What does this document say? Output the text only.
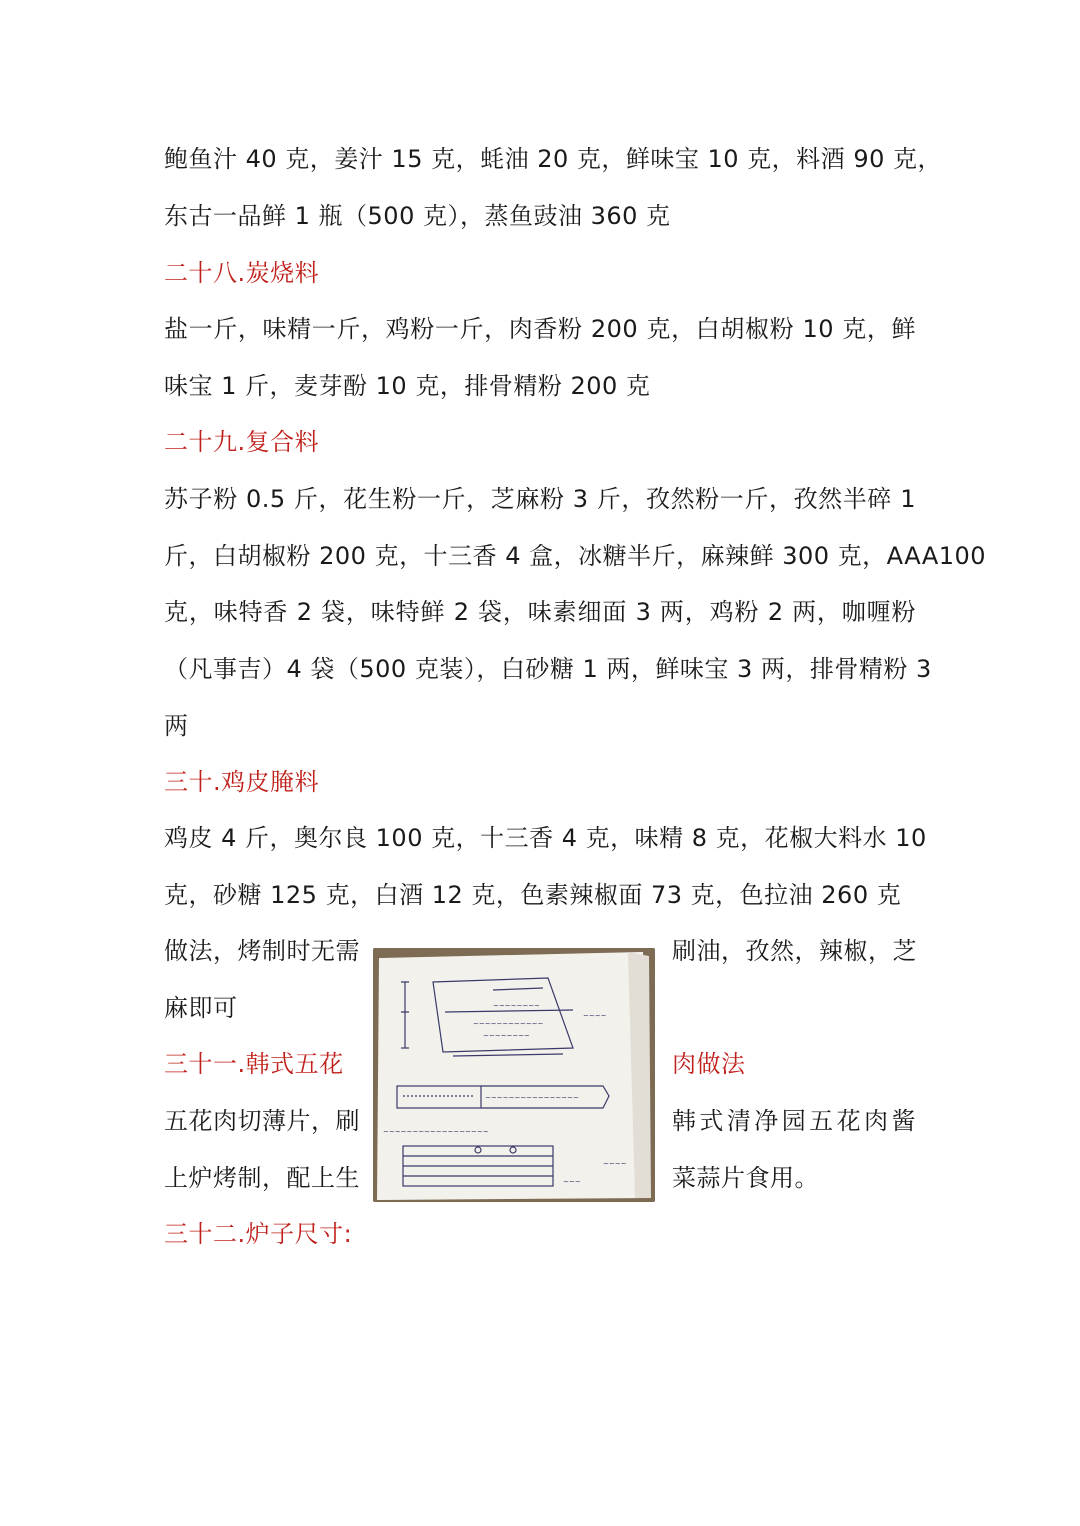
鲍鱼汁 40 克，姜汁 15 克，蚝油 20 克，鲜味宝 10 克，料酒 90 克，
东古一品鲜 1 瓶（500 克），蒸鱼豉油 360 克
二十八.炭烧料
盐一斤，味精一斤，鸡粉一斤，肉香粉 200 克，白胡椒粉 10 克，鲜
味宝 1 斤，麦芽酚 10 克，排骨精粉 200 克
二十九.复合料
苏子粉 0.5 斤，花生粉一斤，芝麻粉 3 斤，孜然粉一斤，孜然半碎 1
斤，白胡椒粉 200 克，十三香 4 盒，冰糖半斤，麻辣鲜 300 克，AAA100
克，味特香 2 袋，味特鲜 2 袋，味素细面 3 两，鸡粉 2 两，咖喱粉
（凡事吉）4 袋（500 克装），白砂糖 1 两，鲜味宝 3 两，排骨精粉 3
两
三十.鸡皮腌料
鸡皮 4 斤，奥尔良 100 克，十三香 4 克，味精 8 克，花椒大料水 10
克，砂糖 125 克，白酒 12 克，色素辣椒面 73 克，色拉油 260 克
做法，烤制时无需	刷油，孜然，辣椒，芝
麻即可
三十一.韩式五花	肉做法
五花肉切薄片，刷	韩式清净园五花肉酱
上炉烤制，配上生	菜蒜片食用。
三十二.炉子尺寸:
~~~~~~~~
~~~~~~~~~~~~
~~~~~~~~
~~~~
~~~~~~~~~~~~~~~~
~~~~~~~~~~~~~~~~~~
~~~~
~~~
